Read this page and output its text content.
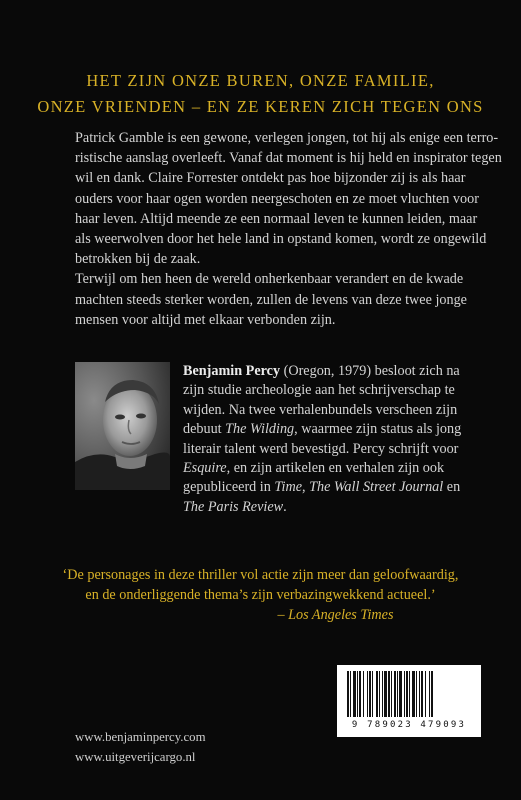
HET ZIJN ONZE BUREN, ONZE FAMILIE,
ONZE VRIENDEN – EN ZE KEREN ZICH TEGEN ONS

Patrick Gamble is een gewone, verlegen jongen, tot hij als enige een terro-

ristische aanslag overleeft. Vanaf dat moment is hij held en inspirator tegen

wil en dank. Claire Forrester ontdekt pas hoe bijzonder zij is als haar

ouders voor haar ogen worden neergeschoten en ze moet vluchten voor

haar leven. Altijd meende ze een normaal leven te kunnen leiden, maar

als weerwolven door het hele land in opstand komen, wordt ze ongewild

betrokken bij de zaak.

Terwijl om hen heen de wereld onherkenbaar verandert en de kwade

machten steeds sterker worden, zullen de levens van deze twee jonge

mensen voor altijd met elkaar verbonden zijn.

Benjamin Percy (Oregon, 1979) besloot zich na
zijn studie archeologie aan het schrijverschap te
wijden. Na twee verhalenbundels verscheen zijn
debuut The Wilding, waarmee zijn status als jong
literair talent werd bevestigd. Percy schrijft voor
Esquire, en zijn artikelen en verhalen zijn ook
gepubliceerd in Time, The Wall Street Journal en
The Paris Review.
‘De personages in deze thriller vol actie zijn meer dan geloofwaardig,
en de onderliggende thema’s zijn verbazingwekkend actueel.’
– Los Angeles Times
www.benjaminpercy.com
www.uitgeverijcargo.nl
9 789023 479093
